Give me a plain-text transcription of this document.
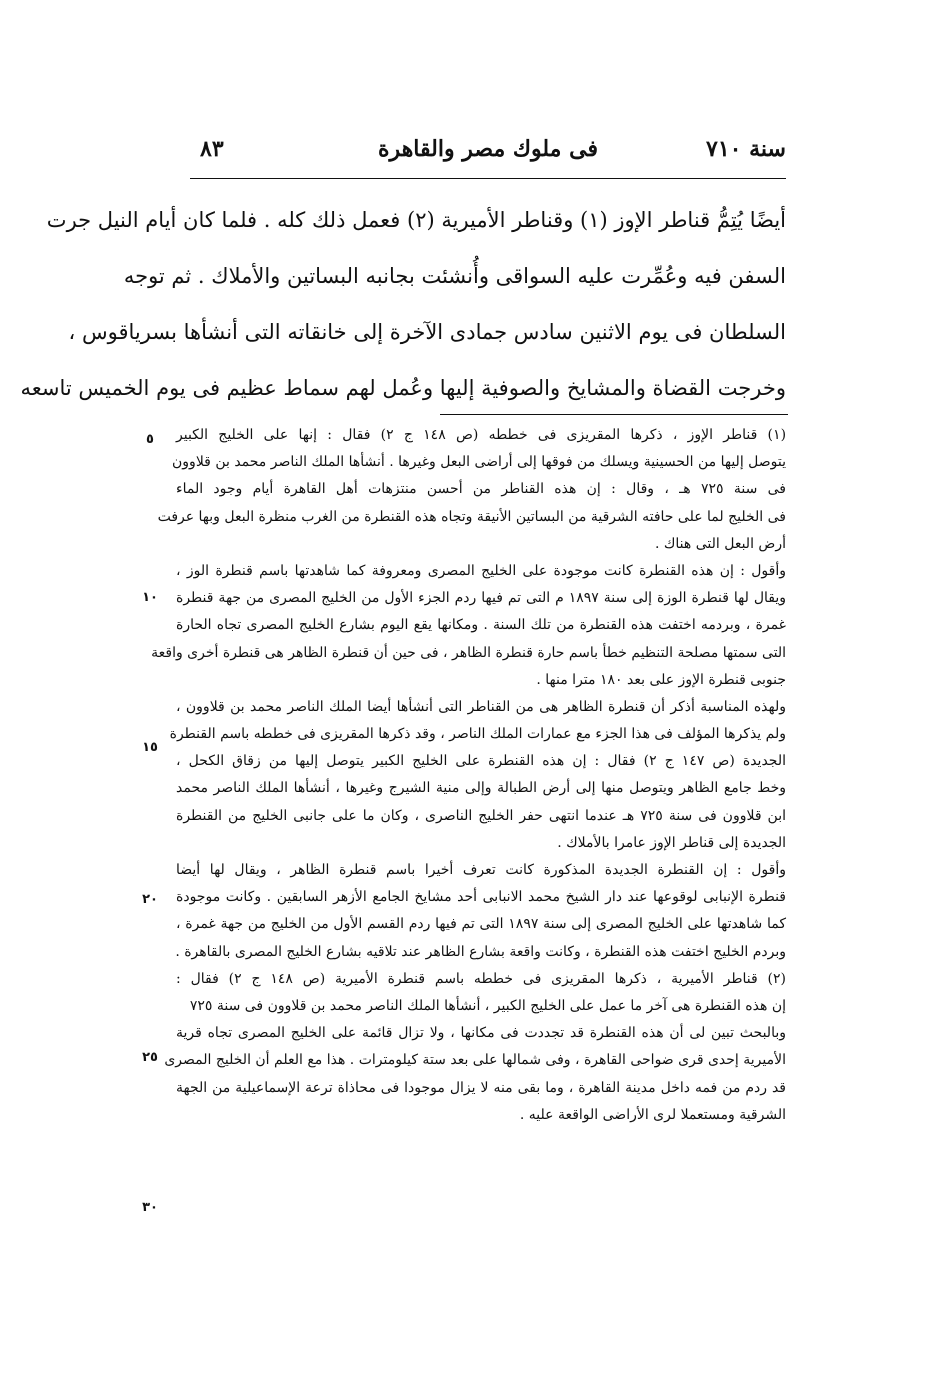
سنة ٧١٠
فى ملوك مصر والقاهرة
٨٣
أيضًا يُتِمُّ قناطر الإوز (١) وقناطر الأميرية (٢) فعمل ذلك كله . فلما كان أيام النيل جرت
السفن فيه وعُمِّرت عليه السواقى وأُنشئت بجانبه البساتين والأملاك . ثم توجه
السلطان فى يوم الاثنين سادس جمادى الآخرة إلى خانقاته التى أنشأها بسرياقوس ،
وخرجت القضاة والمشايخ والصوفية إليها وعُمل لهم سماط عظيم فى يوم الخميس تاسعه
(١) قناطر الإوز ، ذكرها المقريزى فى خططه (ص ١٤٨ ج ٢) فقال : إنها على الخليج الكبير
يتوصل إليها من الحسينية ويسلك من فوقها إلى أراضى البعل وغيرها . أنشأها الملك الناصر محمد بن قلاوون
فى سنة ٧٢٥ هـ ، وقال : إن هذه القناطر من أحسن منتزهات أهل القاهرة أيام وجود الماء
فى الخليج لما على حافته الشرقية من البساتين الأنيقة وتجاه هذه القنطرة من الغرب منظرة البعل وبها عرفت
أرض البعل التى هناك .
وأقول : إن هذه القنطرة كانت موجودة على الخليج المصرى ومعروفة كما شاهدتها باسم قنطرة الوز ،
ويقال لها قنطرة الوزة إلى سنة ١٨٩٧ م التى تم فيها ردم الجزء الأول من الخليج المصرى من جهة قنطرة
غمرة ، وبردمه اختفت هذه القنطرة من تلك السنة . ومكانها يقع اليوم بشارع الخليج المصرى تجاه الحارة
التى سمتها مصلحة التنظيم خطأ باسم حارة قنطرة الظاهر ، فى حين أن قنطرة الظاهر هى قنطرة أخرى واقعة
جنوبى قنطرة الإوز على بعد ١٨٠ مترا منها .
ولهذه المناسبة أذكر أن قنطرة الظاهر هى من القناطر التى أنشأها أيضا الملك الناصر محمد بن قلاوون ،
ولم يذكرها المؤلف فى هذا الجزء مع عمارات الملك الناصر ، وقد ذكرها المقريزى فى خططه باسم القنطرة
الجديدة (ص ١٤٧ ج ٢) فقال : إن هذه القنطرة على الخليج الكبير يتوصل إليها من زقاق الكحل ،
وخط جامع الظاهر ويتوصل منها إلى أرض الطبالة وإلى منية الشيرج وغيرها ، أنشأها الملك الناصر محمد
ابن قلاوون فى سنة ٧٢٥ هـ عندما انتهى حفر الخليج الناصرى ، وكان ما على جانبى الخليج من القنطرة
الجديدة إلى قناطر الإوز عامرا بالأملاك .
وأقول : إن القنطرة الجديدة المذكورة كانت تعرف أخيرا باسم قنطرة الظاهر ، ويقال لها أيضا
قنطرة الإنبابى لوقوعها عند دار الشيخ محمد الانبابى أحد مشايخ الجامع الأزهر السابقين . وكانت موجودة
كما شاهدتها على الخليج المصرى إلى سنة ١٨٩٧ التى تم فيها ردم القسم الأول من الخليج من جهة غمرة ،
وبردم الخليج اختفت هذه القنطرة ، وكانت واقعة بشارع الظاهر عند تلاقيه بشارع الخليج المصرى بالقاهرة .
(٢) قناطر الأميرية ، ذكرها المقريزى فى خططه باسم قنطرة الأميرية (ص ١٤٨ ج ٢) فقال :
إن هذه القنطرة هى آخر ما عمل على الخليج الكبير ، أنشأها الملك الناصر محمد بن قلاوون فى سنة ٧٢٥
وبالبحث تبين لى أن هذه القنطرة قد تجددت فى مكانها ، ولا تزال قائمة على الخليج المصرى تجاه قرية
الأميرية إحدى قرى ضواحى القاهرة ، وفى شمالها على بعد ستة كيلومترات . هذا مع العلم أن الخليج المصرى
قد ردم من فمه داخل مدينة القاهرة ، وما بقى منه لا يزال موجودا فى محاذاة ترعة الإسماعيلية من الجهة
الشرقية ومستعملا لرى الأراضى الواقعة عليه .
٥
١٠
١٥
٢٠
٢٥
٣٠
